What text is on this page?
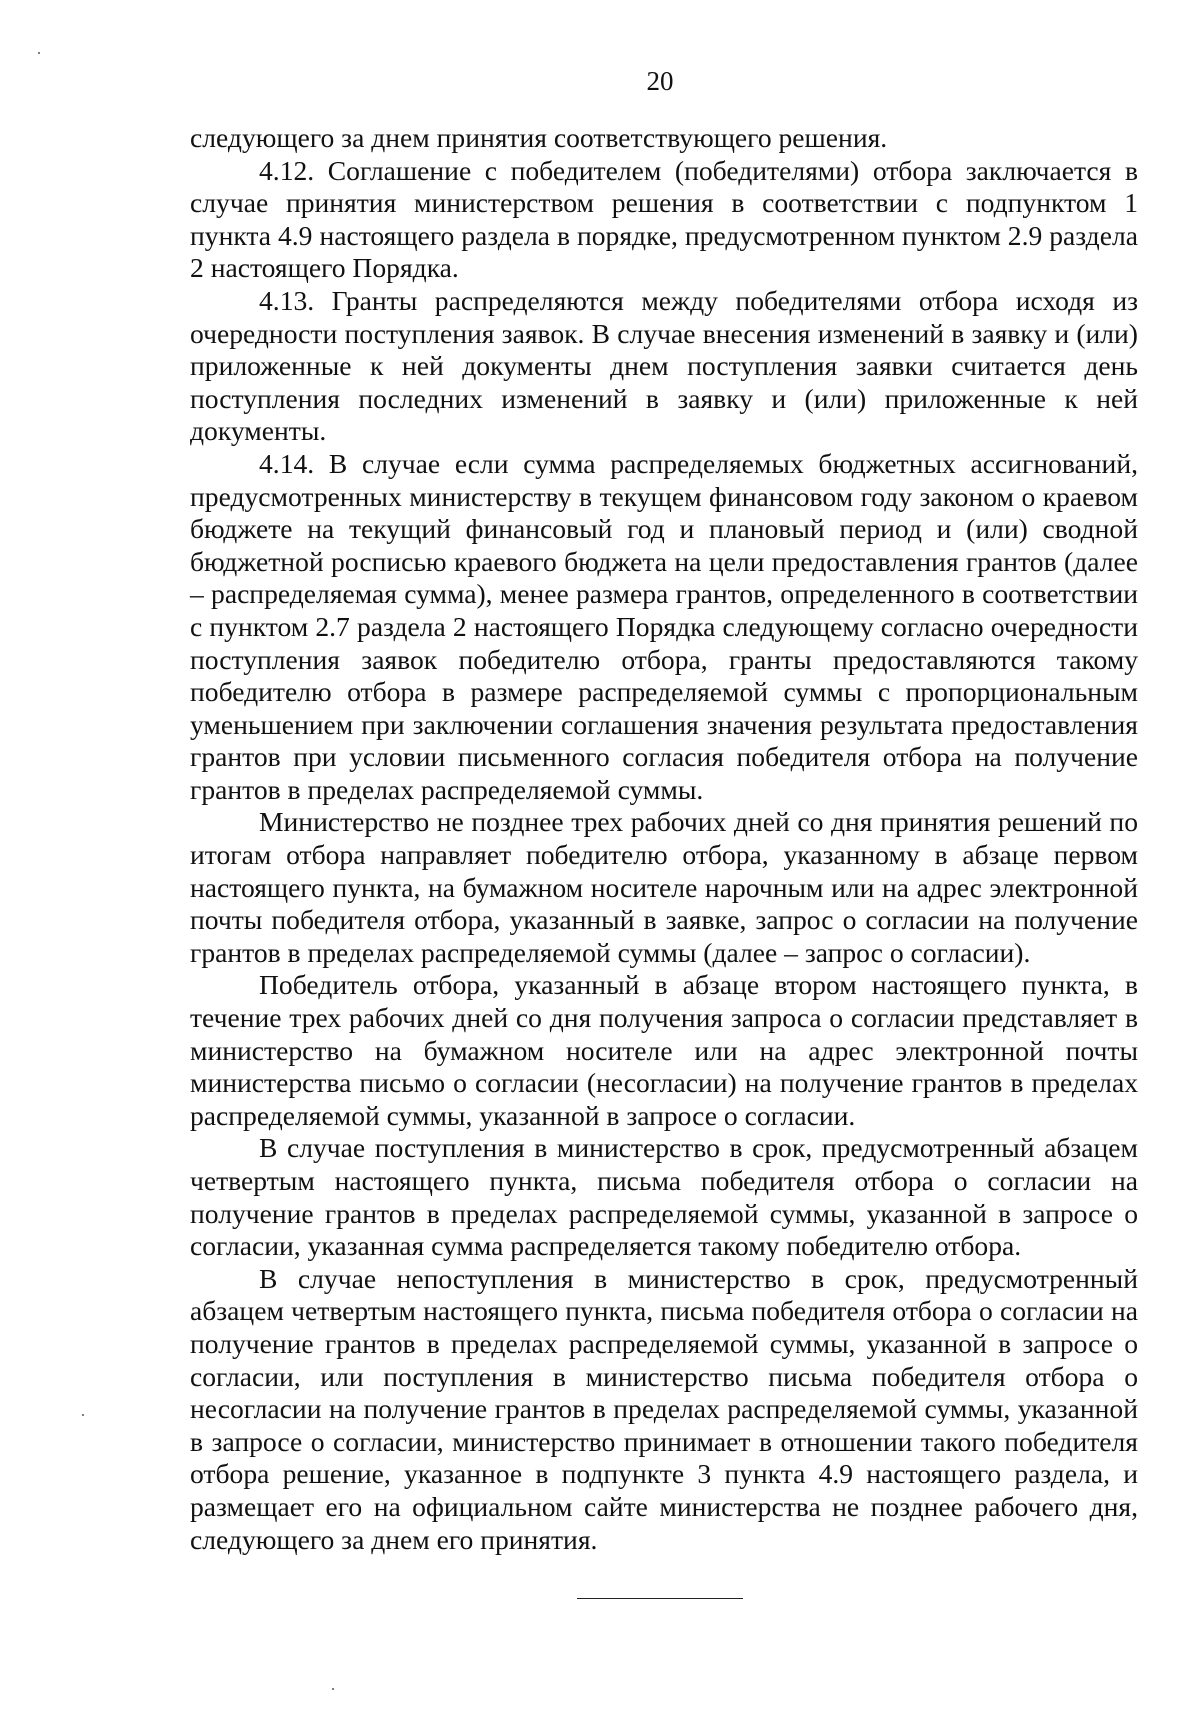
20

следующего за днем принятия соответствующего решения.

4.12. Соглашение с победителем (победителями) отбора заключается в случае принятия министерством решения в соответствии с подпунктом 1 пункта 4.9 настоящего раздела в порядке, предусмотренном пунктом 2.9 раздела 2 настоящего Порядка.

4.13. Гранты распределяются между победителями отбора исходя из очередности поступления заявок. В случае внесения изменений в заявку и (или) приложенные к ней документы днем поступления заявки считается день поступления последних изменений в заявку и (или) приложенные к ней документы.

4.14. В случае если сумма распределяемых бюджетных ассигнований, предусмотренных министерству в текущем финансовом году законом о краевом бюджете на текущий финансовый год и плановый период и (или) сводной бюджетной росписью краевого бюджета на цели предоставления грантов (далее – распределяемая сумма), менее размера грантов, определенного в соответствии с пунктом 2.7 раздела 2 настоящего Порядка следующему согласно очередности поступления заявок победителю отбора, гранты предоставляются такому победителю отбора в размере распределяемой суммы с пропорциональным уменьшением при заключении соглашения значения результата предоставления грантов при условии письменного согласия победителя отбора на получение грантов в пределах распределяемой суммы.

Министерство не позднее трех рабочих дней со дня принятия решений по итогам отбора направляет победителю отбора, указанному в абзаце первом настоящего пункта, на бумажном носителе нарочным или на адрес электронной почты победителя отбора, указанный в заявке, запрос о согласии на получение грантов в пределах распределяемой суммы (далее – запрос о согласии).

Победитель отбора, указанный в абзаце втором настоящего пункта, в течение трех рабочих дней со дня получения запроса о согласии представляет в министерство на бумажном носителе или на адрес электронной почты министерства письмо о согласии (несогласии) на получение грантов в пределах распределяемой суммы, указанной в запросе о согласии.

В случае поступления в министерство в срок, предусмотренный абзацем четвертым настоящего пункта, письма победителя отбора о согласии на получение грантов в пределах распределяемой суммы, указанной в запросе о согласии, указанная сумма распределяется такому победителю отбора.

В случае непоступления в министерство в срок, предусмотренный абзацем четвертым настоящего пункта, письма победителя отбора о согласии на получение грантов в пределах распределяемой суммы, указанной в запросе о согласии, или поступления в министерство письма победителя отбора о несогласии на получение грантов в пределах распределяемой суммы, указанной в запросе о согласии, министерство принимает в отношении такого победителя отбора решение, указанное в подпункте 3 пункта 4.9 настоящего раздела, и размещает его на официальном сайте министерства не позднее рабочего дня, следующего за днем его принятия.
